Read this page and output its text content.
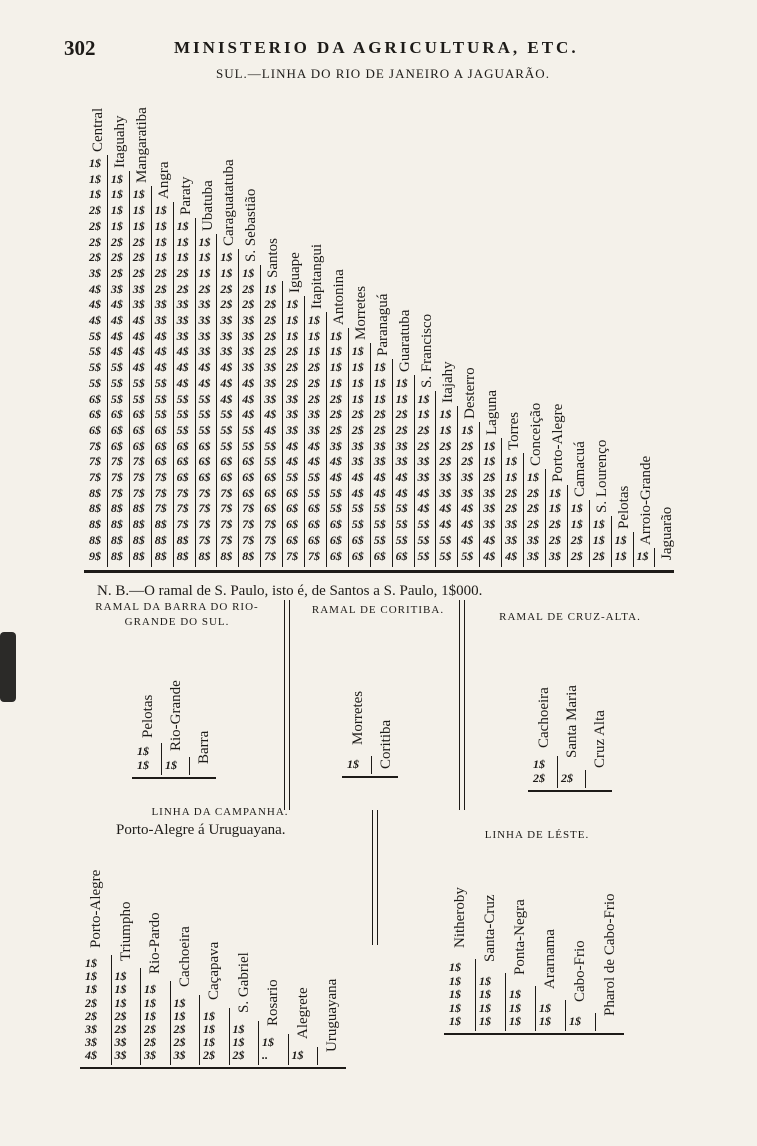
302	MINISTERIO DA AGRICULTURA, ETC.
SUL.—LINHA DO RIO DE JANEIRO A JAGUARÃO.
Central Itaguahy Mangaratiba Angra Paraty Ubatuba Caraguatatuba S. Sebastião Santos Iguape Itapitangui Antonina Morretes Paranaguá Guaratuba S. Francisco Itajahy Desterro Laguna Torres Conceição Porto-Alegre Camacuá S. Lourenço Pelotas Arroio-Grande Jaguarão
1$
1$ 1$
1$ 1$ 1$
2$ 1$ 1$ 1$
2$ 1$ 1$ 1$ 1$
2$ 2$ 2$ 1$ 1$ 1$
2$ 2$ 2$ 1$ 1$ 1$ 1$
3$ 2$ 2$ 2$ 2$ 1$ 1$ 1$
4$ 3$ 3$ 2$ 2$ 2$ 2$ 2$ 1$
4$ 4$ 3$ 3$ 3$ 3$ 2$ 2$ 2$ 1$
4$ 4$ 4$ 3$ 3$ 3$ 3$ 3$ 2$ 1$ 1$
5$ 4$ 4$ 4$ 3$ 3$ 3$ 3$ 2$ 1$ 1$ 1$
5$ 4$ 4$ 4$ 4$ 3$ 3$ 3$ 2$ 2$ 1$ 1$ 1$
5$ 5$ 4$ 4$ 4$ 4$ 4$ 3$ 3$ 2$ 2$ 1$ 1$ 1$
5$ 5$ 5$ 5$ 4$ 4$ 4$ 4$ 3$ 2$ 2$ 1$ 1$ 1$ 1$
6$ 5$ 5$ 5$ 5$ 5$ 4$ 4$ 3$ 3$ 2$ 2$ 1$ 1$ 1$ 1$
6$ 6$ 6$ 5$ 5$ 5$ 5$ 4$ 4$ 3$ 3$ 2$ 2$ 2$ 2$ 1$ 1$
6$ 6$ 6$ 6$ 5$ 5$ 5$ 5$ 4$ 3$ 3$ 2$ 2$ 2$ 2$ 2$ 1$ 1$
7$ 6$ 6$ 6$ 6$ 6$ 5$ 5$ 5$ 4$ 4$ 3$ 3$ 3$ 3$ 2$ 2$ 2$ 1$
7$ 7$ 7$ 6$ 6$ 6$ 6$ 6$ 5$ 4$ 4$ 4$ 3$ 3$ 3$ 3$ 2$ 2$ 1$ 1$
7$ 7$ 7$ 7$ 6$ 6$ 6$ 6$ 6$ 5$ 5$ 4$ 4$ 4$ 4$ 3$ 3$ 3$ 2$ 1$ 1$
8$ 7$ 7$ 7$ 7$ 7$ 7$ 6$ 6$ 6$ 5$ 5$ 4$ 4$ 4$ 4$ 3$ 3$ 3$ 2$ 2$ 1$
8$ 8$ 8$ 7$ 7$ 7$ 7$ 7$ 6$ 6$ 6$ 5$ 5$ 5$ 5$ 4$ 4$ 4$ 3$ 2$ 2$ 1$ 1$
8$ 8$ 8$ 8$ 7$ 7$ 7$ 7$ 7$ 6$ 6$ 6$ 5$ 5$ 5$ 5$ 4$ 4$ 3$ 3$ 2$ 2$ 1$ 1$
8$ 8$ 8$ 8$ 8$ 7$ 7$ 7$ 7$ 6$ 6$ 6$ 6$ 5$ 5$ 5$ 5$ 4$ 4$ 3$ 3$ 2$ 2$ 1$ 1$
9$ 8$ 8$ 8$ 8$ 8$ 8$ 8$ 7$ 7$ 7$ 6$ 6$ 6$ 6$ 5$ 5$ 5$ 4$ 4$ 3$ 3$ 2$ 2$ 1$ 1$
N. B.—O ramal de S. Paulo, isto é, de Santos a S. Paulo, 1$000.
RAMAL DA BARRA DO RIO-GRANDE DO SUL.
RAMAL DE CORITIBA.
RAMAL DE CRUZ-ALTA.
Pelotas Rio-Grande Barra
1$
1$ 1$
Morretes Coritiba
1$
Cachoeira Santa Maria Cruz Alta
1$
2$ 2$
LINHA DA CAMPANHA.
Porto-Alegre á Uruguayana.	LINHA DE LÉSTE.
Porto-Alegre Triumpho Rio-Pardo Cachoeira Caçapava S. Gabriel Rosario Alegrete Uruguayana
1$
1$ 1$
1$ 1$ 1$
2$ 1$ 1$ 1$
2$ 2$ 1$ 1$ 1$
3$ 2$ 2$ 2$ 1$ 1$
3$ 3$ 2$ 2$ 1$ 1$ 1$
4$ 3$ 3$ 3$ 2$ 2$ .. 1$
Nitheroby Santa-Cruz Ponta-Negra Ararnama Cabo-Frio Pharol de Cabo-Frio
1$
1$ 1$
1$ 1$ 1$
1$ 1$ 1$ 1$
1$ 1$ 1$ 1$ 1$
